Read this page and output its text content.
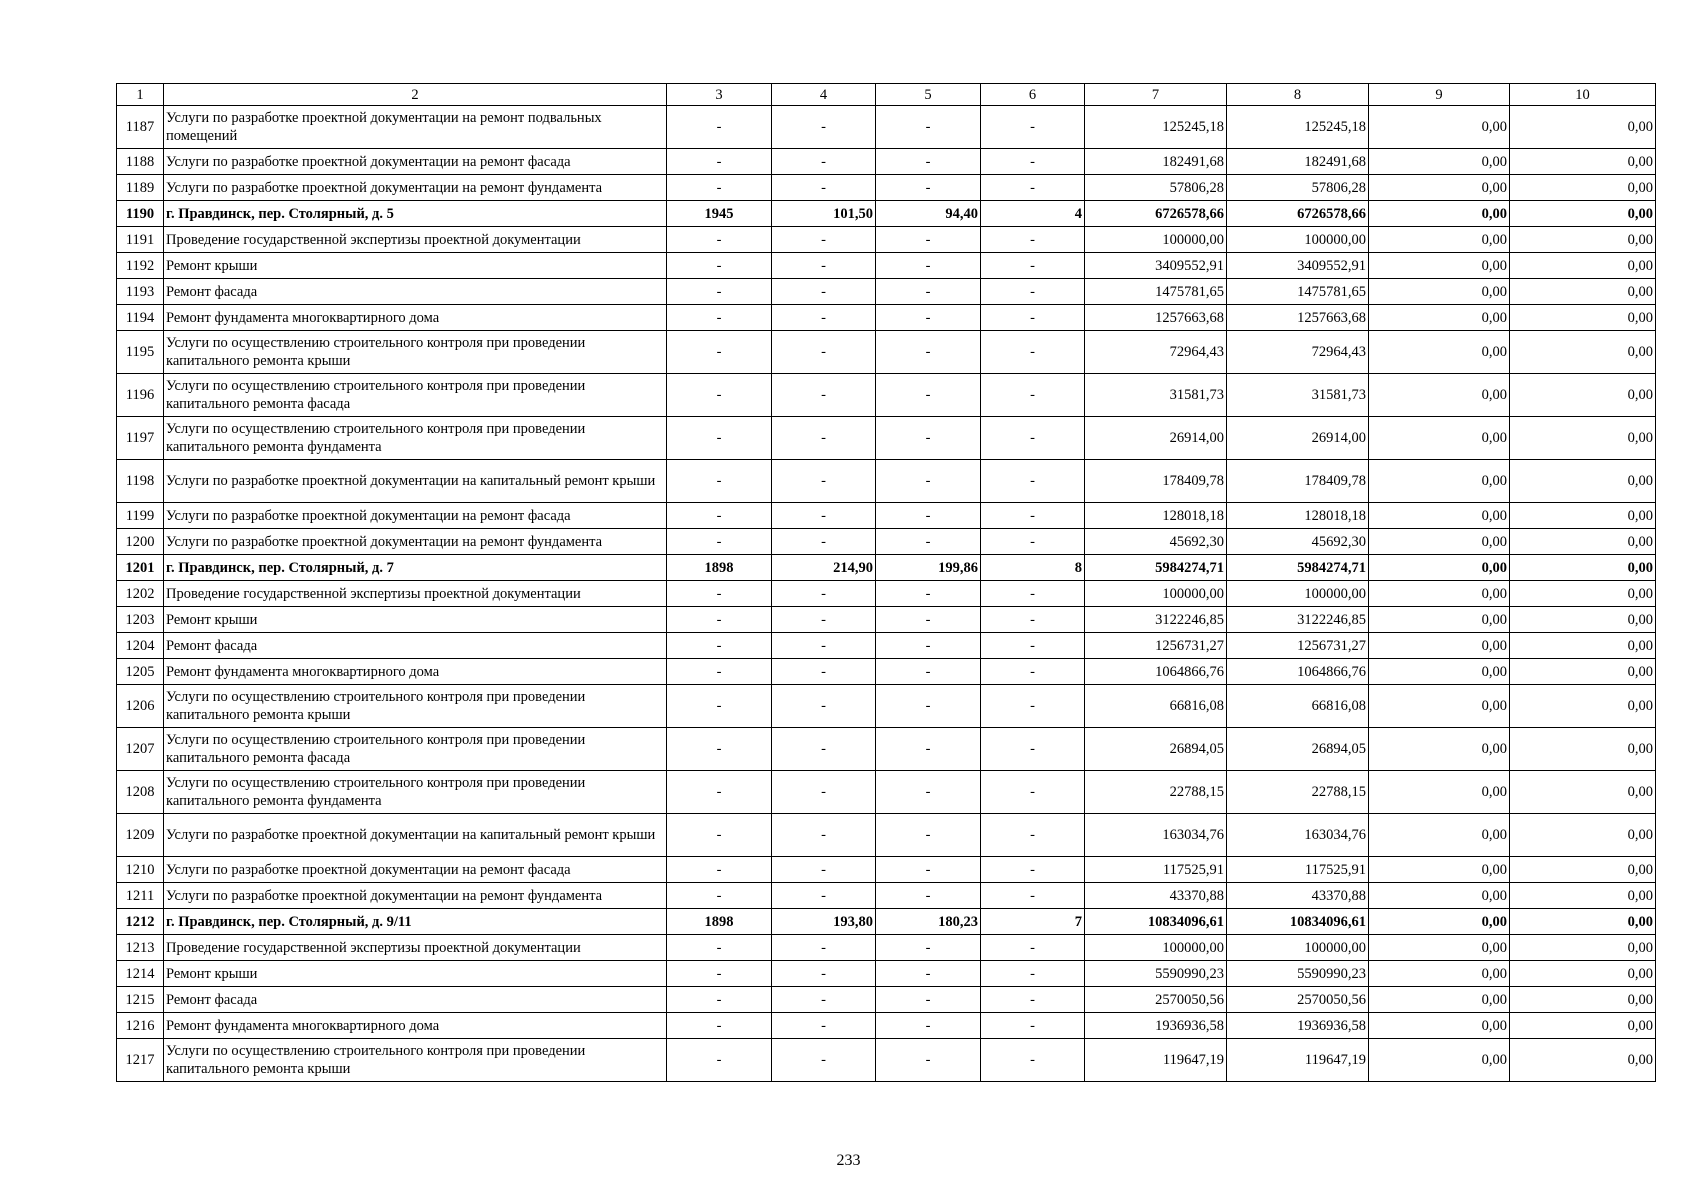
1	2	3	4	5	6	7	8	9	10
1187	Услуги по разработке проектной документации на ремонт подвальных помещений	-	-	-	-	125245,18	125245,18	0,00	0,00
1188	Услуги по разработке проектной документации на ремонт фасада	-	-	-	-	182491,68	182491,68	0,00	0,00
1189	Услуги по разработке проектной документации на ремонт фундамента	-	-	-	-	57806,28	57806,28	0,00	0,00
1190	г. Правдинск, пер. Столярный, д. 5	1945	101,50	94,40	4	6726578,66	6726578,66	0,00	0,00
1191	Проведение государственной экспертизы проектной документации	-	-	-	-	100000,00	100000,00	0,00	0,00
1192	Ремонт крыши	-	-	-	-	3409552,91	3409552,91	0,00	0,00
1193	Ремонт фасада	-	-	-	-	1475781,65	1475781,65	0,00	0,00
1194	Ремонт фундамента многоквартирного дома	-	-	-	-	1257663,68	1257663,68	0,00	0,00
1195	Услуги по осуществлению строительного контроля при проведении капитального ремонта крыши	-	-	-	-	72964,43	72964,43	0,00	0,00
1196	Услуги по осуществлению строительного контроля при проведении капитального ремонта фасада	-	-	-	-	31581,73	31581,73	0,00	0,00
1197	Услуги по осуществлению строительного контроля при проведении капитального ремонта фундамента	-	-	-	-	26914,00	26914,00	0,00	0,00
1198	Услуги по разработке проектной документации на капитальный ремонт крыши	-	-	-	-	178409,78	178409,78	0,00	0,00
1199	Услуги по разработке проектной документации на ремонт фасада	-	-	-	-	128018,18	128018,18	0,00	0,00
1200	Услуги по разработке проектной документации на ремонт фундамента	-	-	-	-	45692,30	45692,30	0,00	0,00
1201	г. Правдинск, пер. Столярный, д. 7	1898	214,90	199,86	8	5984274,71	5984274,71	0,00	0,00
1202	Проведение государственной экспертизы проектной документации	-	-	-	-	100000,00	100000,00	0,00	0,00
1203	Ремонт крыши	-	-	-	-	3122246,85	3122246,85	0,00	0,00
1204	Ремонт фасада	-	-	-	-	1256731,27	1256731,27	0,00	0,00
1205	Ремонт фундамента многоквартирного дома	-	-	-	-	1064866,76	1064866,76	0,00	0,00
1206	Услуги по осуществлению строительного контроля при проведении капитального ремонта крыши	-	-	-	-	66816,08	66816,08	0,00	0,00
1207	Услуги по осуществлению строительного контроля при проведении капитального ремонта фасада	-	-	-	-	26894,05	26894,05	0,00	0,00
1208	Услуги по осуществлению строительного контроля при проведении капитального ремонта фундамента	-	-	-	-	22788,15	22788,15	0,00	0,00
1209	Услуги по разработке проектной документации на капитальный ремонт крыши	-	-	-	-	163034,76	163034,76	0,00	0,00
1210	Услуги по разработке проектной документации на ремонт фасада	-	-	-	-	117525,91	117525,91	0,00	0,00
1211	Услуги по разработке проектной документации на ремонт фундамента	-	-	-	-	43370,88	43370,88	0,00	0,00
1212	г. Правдинск, пер. Столярный, д. 9/11	1898	193,80	180,23	7	10834096,61	10834096,61	0,00	0,00
1213	Проведение государственной экспертизы проектной документации	-	-	-	-	100000,00	100000,00	0,00	0,00
1214	Ремонт крыши	-	-	-	-	5590990,23	5590990,23	0,00	0,00
1215	Ремонт фасада	-	-	-	-	2570050,56	2570050,56	0,00	0,00
1216	Ремонт фундамента многоквартирного дома	-	-	-	-	1936936,58	1936936,58	0,00	0,00
1217	Услуги по осуществлению строительного контроля при проведении капитального ремонта крыши	-	-	-	-	119647,19	119647,19	0,00	0,00
233
